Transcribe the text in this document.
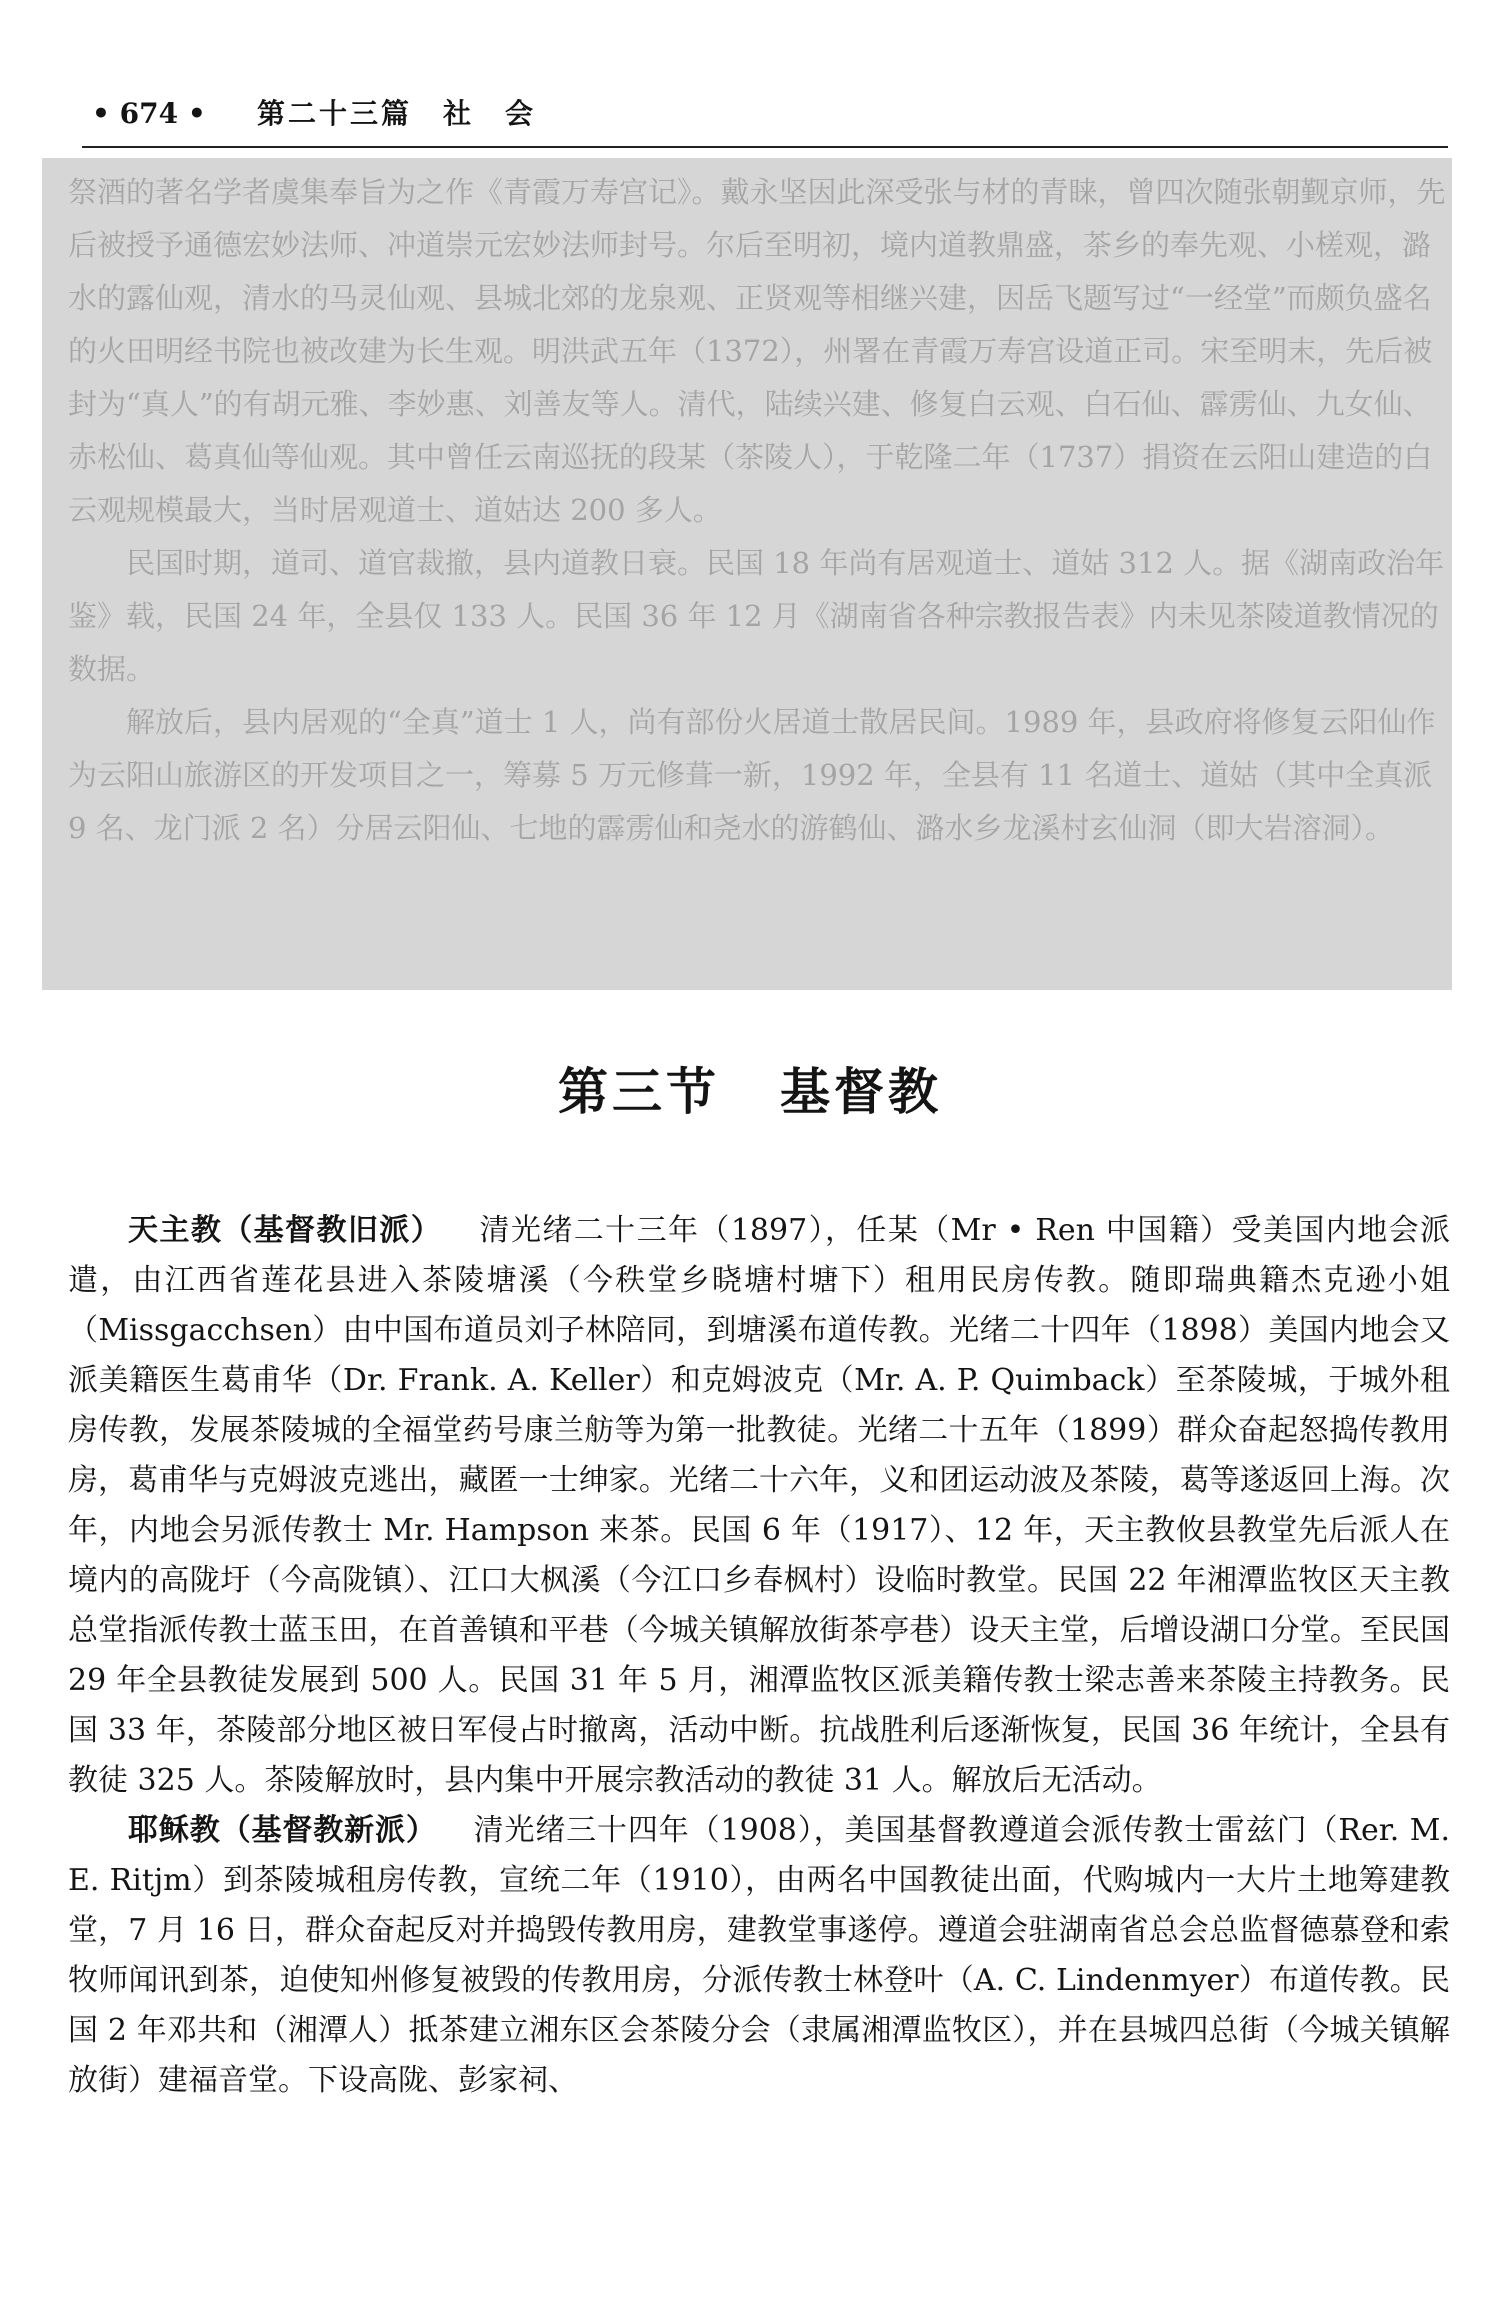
• 674 • 第二十三篇　社　会

祭酒的著名学者虞集奉旨为之作《青霞万寿宫记》。戴永坚因此深受张与材的青睐，曾四次随张朝觐京师，先后被授予通德宏妙法师、冲道崇元宏妙法师封号。尔后至明初，境内道教鼎盛，茶乡的奉先观、小槎观，潞水的露仙观，清水的马灵仙观、县城北郊的龙泉观、正贤观等相继兴建，因岳飞题写过“一经堂”而颇负盛名的火田明经书院也被改建为长生观。明洪武五年（1372），州署在青霞万寿宫设道正司。宋至明末，先后被封为“真人”的有胡元雅、李妙惠、刘善友等人。清代，陆续兴建、修复白云观、白石仙、霹雳仙、九女仙、赤松仙、葛真仙等仙观。其中曾任云南巡抚的段某（茶陵人），于乾隆二年（1737）捐资在云阳山建造的白云观规模最大，当时居观道士、道姑达 200 多人。

民国时期，道司、道官裁撤，县内道教日衰。民国 18 年尚有居观道士、道姑 312 人。据《湖南政治年鉴》载，民国 24 年，全县仅 133 人。民国 36 年 12 月《湖南省各种宗教报告表》内未见茶陵道教情况的数据。

解放后，县内居观的“全真”道士 1 人，尚有部份火居道士散居民间。1989 年，县政府将修复云阳仙作为云阳山旅游区的开发项目之一，筹募 5 万元修葺一新，1992 年，全县有 11 名道士、道姑（其中全真派 9 名、龙门派 2 名）分居云阳仙、七地的霹雳仙和尧水的游鹤仙、潞水乡龙溪村玄仙洞（即大岩溶洞）。

第三节 基督教

天主教（基督教旧派） 清光绪二十三年（1897），任某（Mr • Ren 中国籍）受美国内地会派遣，由江西省莲花县进入茶陵塘溪（今秩堂乡晓塘村塘下）租用民房传教。随即瑞典籍杰克逊小姐（Missgacchsen）由中国布道员刘子林陪同，到塘溪布道传教。光绪二十四年（1898）美国内地会又派美籍医生葛甫华（Dr. Frank. A. Keller）和克姆波克（Mr. A. P. Quimback）至茶陵城，于城外租房传教，发展茶陵城的全福堂药号康兰舫等为第一批教徒。光绪二十五年（1899）群众奋起怒捣传教用房，葛甫华与克姆波克逃出，藏匿一士绅家。光绪二十六年，义和团运动波及茶陵，葛等遂返回上海。次年，内地会另派传教士 Mr. Hampson 来茶。民国 6 年（1917）、12 年，天主教攸县教堂先后派人在境内的高陇圩（今高陇镇）、江口大枫溪（今江口乡春枫村）设临时教堂。民国 22 年湘潭监牧区天主教总堂指派传教士蓝玉田，在首善镇和平巷（今城关镇解放街茶亭巷）设天主堂，后增设湖口分堂。至民国 29 年全县教徒发展到 500 人。民国 31 年 5 月，湘潭监牧区派美籍传教士梁志善来茶陵主持教务。民国 33 年，茶陵部分地区被日军侵占时撤离，活动中断。抗战胜利后逐渐恢复，民国 36 年统计，全县有教徒 325 人。茶陵解放时，县内集中开展宗教活动的教徒 31 人。解放后无活动。

耶稣教（基督教新派） 清光绪三十四年（1908），美国基督教遵道会派传教士雷兹门（Rer. M. E. Ritjm）到茶陵城租房传教，宣统二年（1910），由两名中国教徒出面，代购城内一大片土地筹建教堂，7 月 16 日，群众奋起反对并捣毁传教用房，建教堂事遂停。遵道会驻湖南省总会总监督德慕登和索牧师闻讯到茶，迫使知州修复被毁的传教用房，分派传教士林登叶（A. C. Lindenmyer）布道传教。民国 2 年邓共和（湘潭人）抵茶建立湘东区会茶陵分会（隶属湘潭监牧区），并在县城四总街（今城关镇解放街）建福音堂。下设高陇、彭家祠、
